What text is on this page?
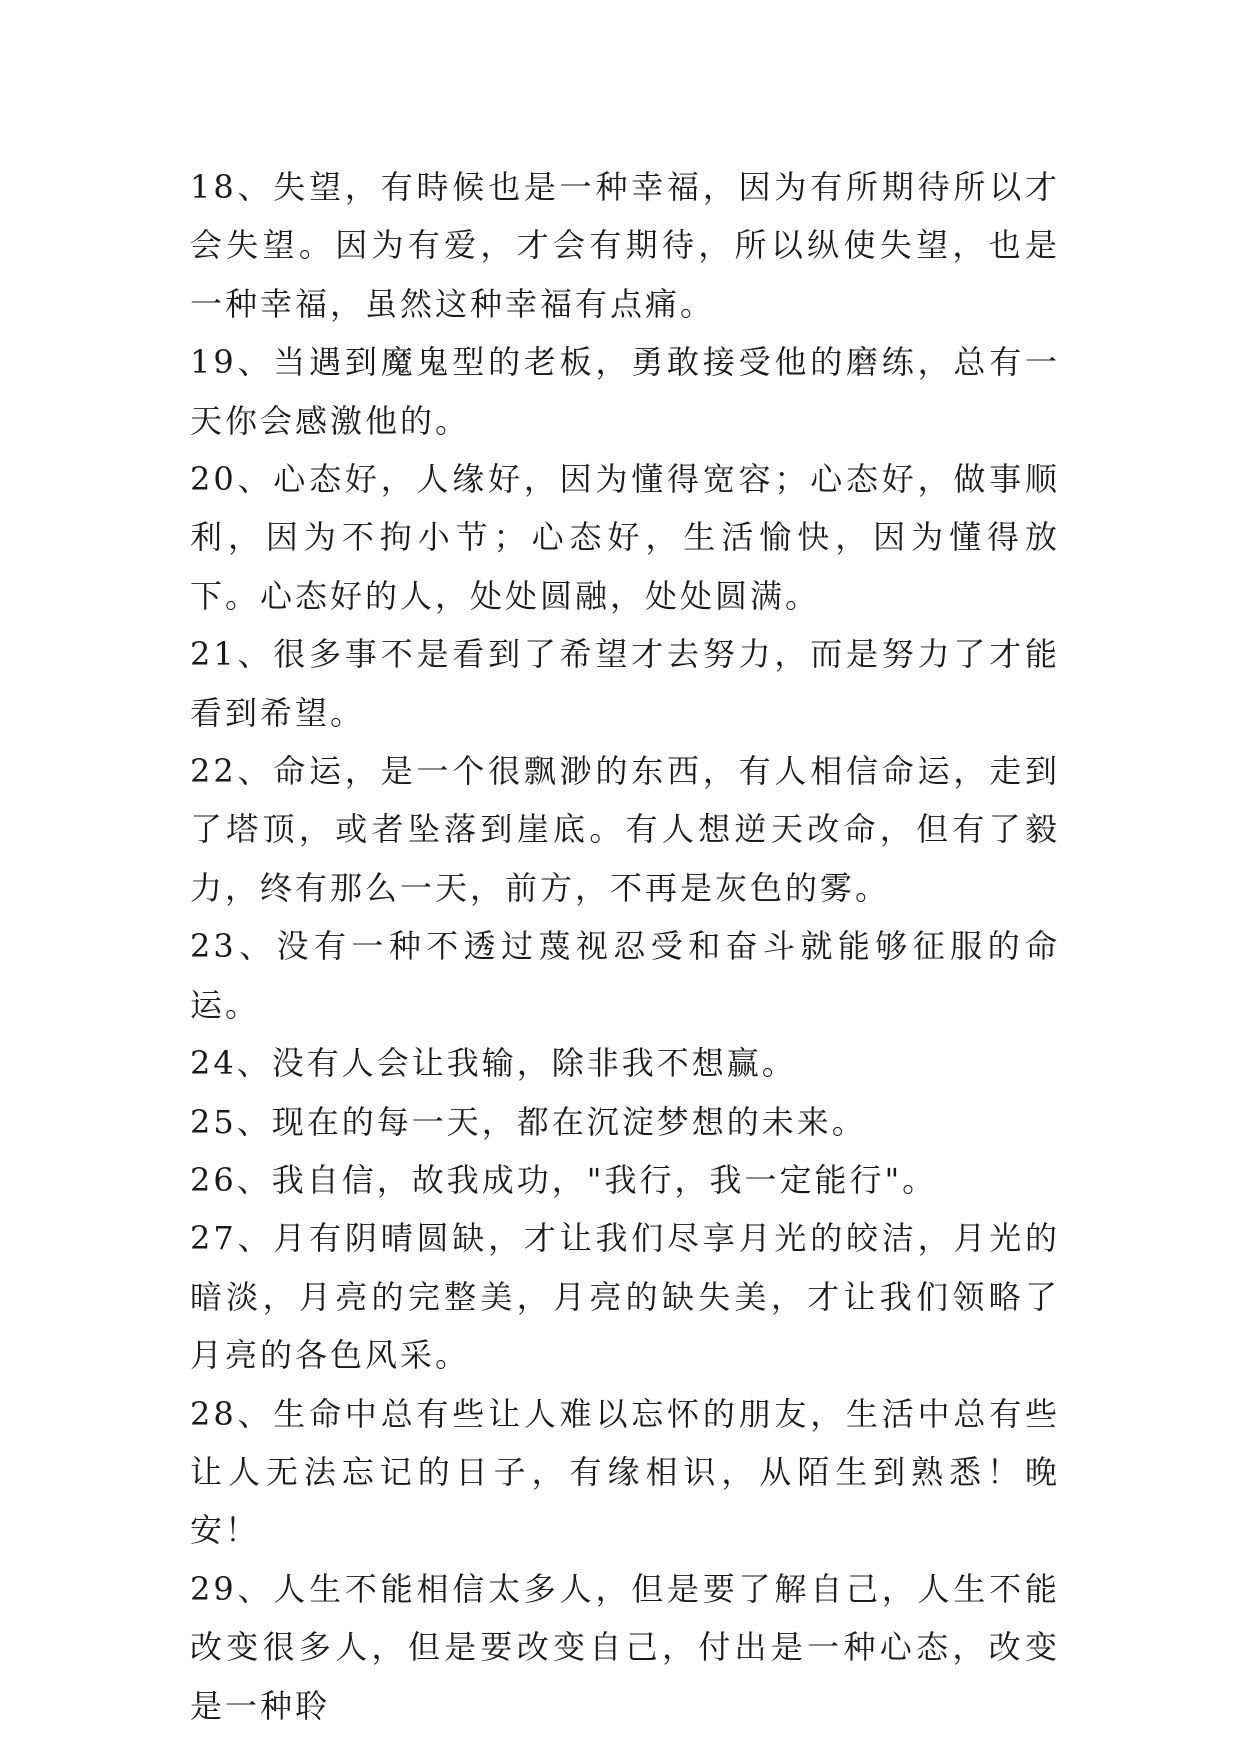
18、失望，有時候也是一种幸福，因为有所期待所以才会失望。因为有爱，才会有期待，所以纵使失望，也是一种幸福，虽然这种幸福有点痛。

19、当遇到魔鬼型的老板，勇敢接受他的磨练，总有一天你会感激他的。

20、心态好，人缘好，因为懂得宽容；心态好，做事顺利，因为不拘小节；心态好，生活愉快，因为懂得放下。心态好的人，处处圆融，处处圆满。

21、很多事不是看到了希望才去努力，而是努力了才能看到希望。

22、命运，是一个很飘渺的东西，有人相信命运，走到了塔顶，或者坠落到崖底。有人想逆天改命，但有了毅力，终有那么一天，前方，不再是灰色的雾。

23、没有一种不透过蔑视忍受和奋斗就能够征服的命运。

24、没有人会让我输，除非我不想赢。

25、现在的每一天，都在沉淀梦想的未来。

26、我自信，故我成功，"我行，我一定能行"。

27、月有阴晴圆缺，才让我们尽享月光的皎洁，月光的暗淡，月亮的完整美，月亮的缺失美，才让我们领略了月亮的各色风采。

28、生命中总有些让人难以忘怀的朋友，生活中总有些让人无法忘记的日子，有缘相识，从陌生到熟悉！晚安！

29、人生不能相信太多人，但是要了解自己，人生不能改变很多人，但是要改变自己，付出是一种心态，改变是一种聆
